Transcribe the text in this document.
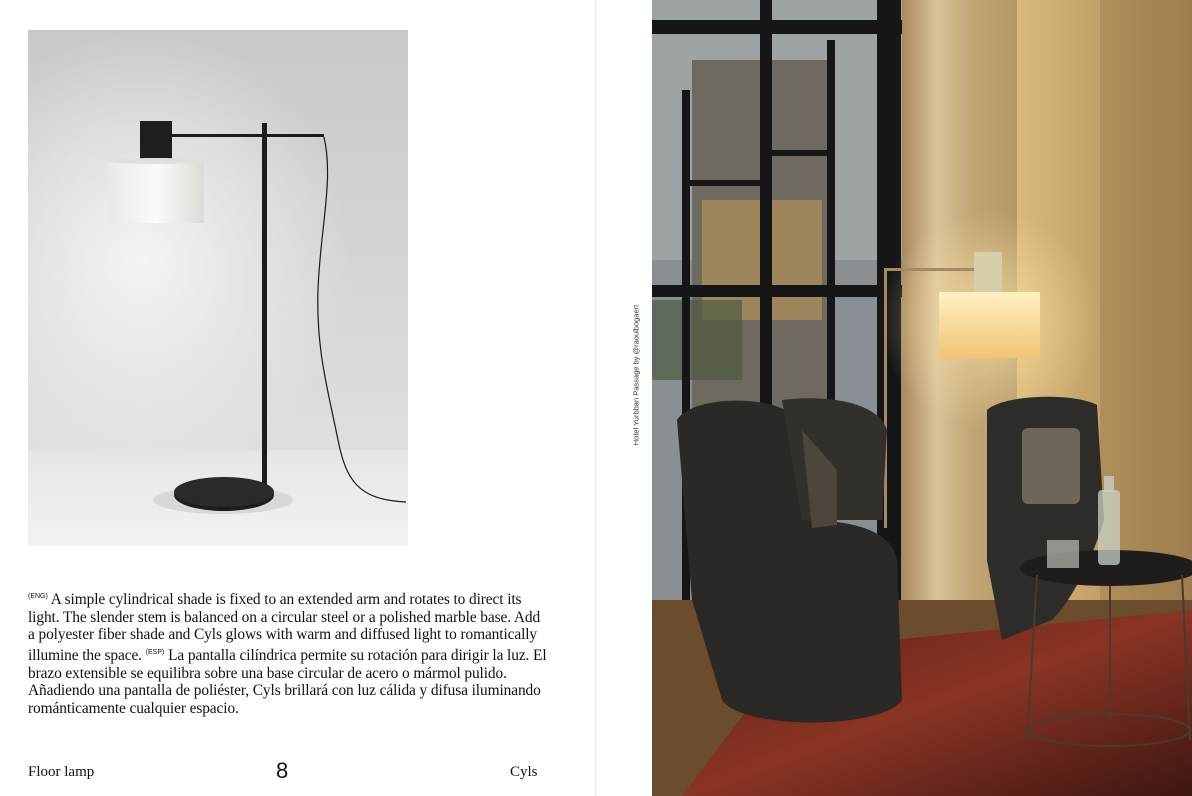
$^{(ENG)}$ A simple cylindrical shade is fixed to an extended arm and rotates to direct its light. The slender stem is balanced on a circular steel or a polished marble base. Add a polyester fiber shade and Cyls glows with warm and diffused light to romantically illumine the space. $^{(ESP)}$ La pantalla cilíndrica permite su rotación para dirigir la luz. El brazo extensible se equilibra sobre una base circular de acero o mármol pulido. Añadiendo una pantalla de poliéster, Cyls brillará con luz cálida y difusa iluminando románticamente cualquier espacio.

Floor lamp	8	Cyls
Hotel Yurbban Passage by @raoulbogaert
